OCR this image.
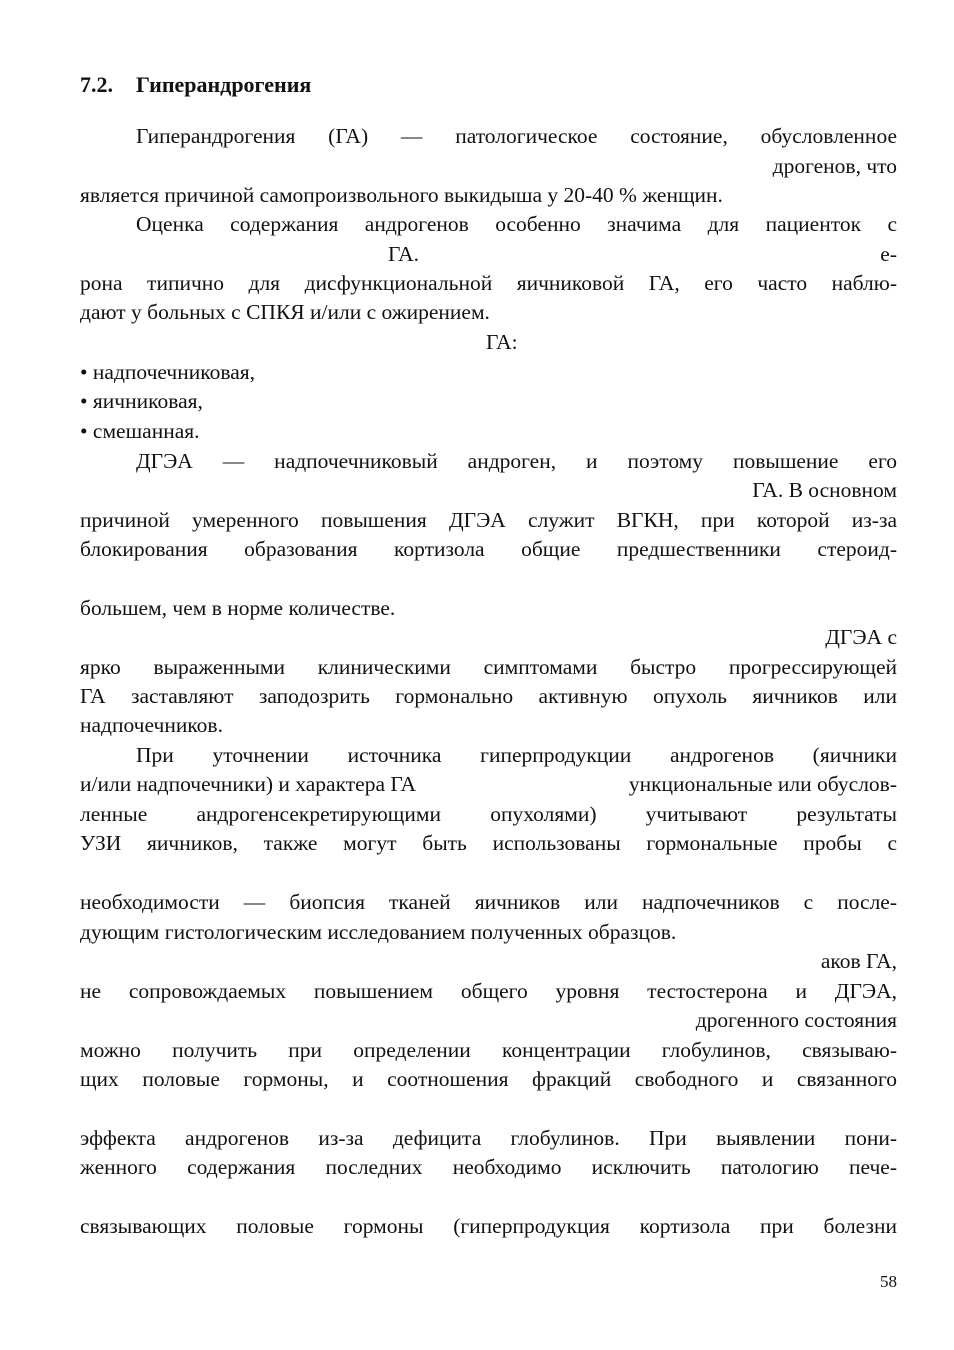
7.2. Гиперандрогения
Гиперандрогения (ГА) — патологическое состояние, обусловленное
дрогенов, что
является причиной самопроизвольного выкидыша у 20-40 % женщин.
Оценка содержания андрогенов особенно значима для пациенток с
ГА.	е-
рона типично для дисфункциональной яичниковой ГА, его часто наблю-
дают у больных с СПКЯ и/или с ожирением.
ГА:
• надпочечниковая,
• яичниковая,
• смешанная.
ДГЭА — надпочечниковый андроген, и поэтому повышение его
ГА. В основном
причиной умеренного повышения ДГЭА служит ВГКН, при которой из-за
блокирования образования кортизола общие предшественники стероид-
большем, чем в норме количестве.
ДГЭА с
ярко выраженными клиническими симптомами быстро прогрессирующей
ГА заставляют заподозрить гормонально активную опухоль яичников или
надпочечников.
При уточнении источника гиперпродукции андрогенов (яичники
и/или надпочечники) и характера ГА	ункциональные или обуслов-
ленные андрогенсекретирующими опухолями) учитывают результаты
УЗИ яичников, также могут быть использованы гормональные пробы с
необходимости — биопсия тканей яичников или надпочечников с после-
дующим гистологическим исследованием полученных образцов.
аков ГА,
не сопровождаемых повышением общего уровня тестостерона и ДГЭА,
дрогенного состояния
можно получить при определении концентрации глобулинов, связываю-
щих половые гормоны, и соотношения фракций свободного и связанного
эффекта андрогенов из-за дефицита глобулинов. При выявлении пони-
женного содержания последних необходимо исключить патологию пече-
связывающих половые гормоны (гиперпродукция кортизола при болезни
58
